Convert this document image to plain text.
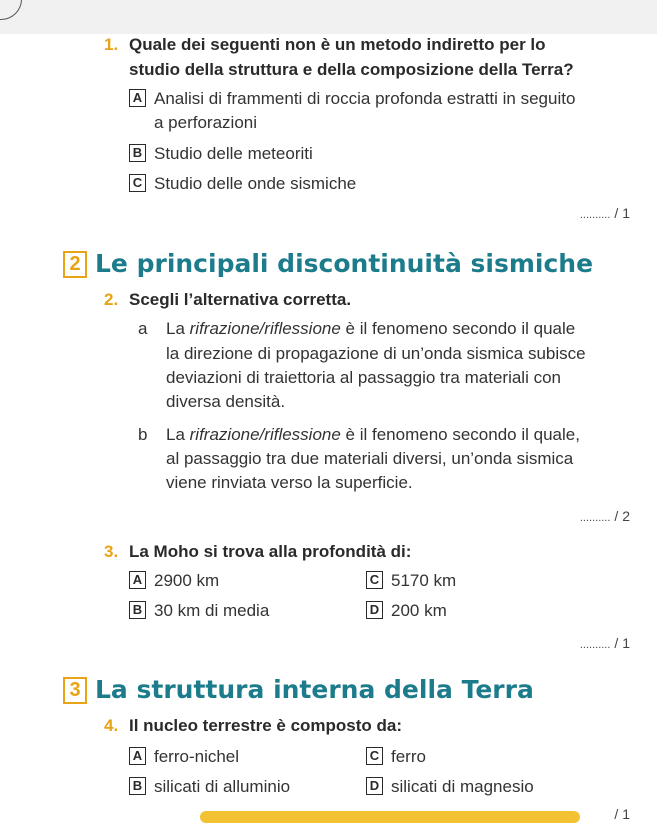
1. Quale dei seguenti non è un metodo indiretto per lo
studio della struttura e della composizione della Terra?
A Analisi di frammenti di roccia profonda estratti in seguito
a perforazioni
B Studio delle meteoriti
C Studio delle onde sismiche
.......... / 1
2 Le principali discontinuità sismiche
2. Scegli l’alternativa corretta.
a La rifrazione/riflessione è il fenomeno secondo il quale
la direzione di propagazione di un’onda sismica subisce
deviazioni di traiettoria al passaggio tra materiali con
diversa densità.
b La rifrazione/riflessione è il fenomeno secondo il quale,
al passaggio tra due materiali diversi, un’onda sismica
viene rinviata verso la superficie.
.......... / 2
3. La Moho si trova alla profondità di:
A 2900 km	C 5170 km
B 30 km di media	D 200 km
.......... / 1
3 La struttura interna della Terra
4. Il nucleo terrestre è composto da:
A ferro-nichel	C ferro
B silicati di alluminio	D silicati di magnesio
/ 1
